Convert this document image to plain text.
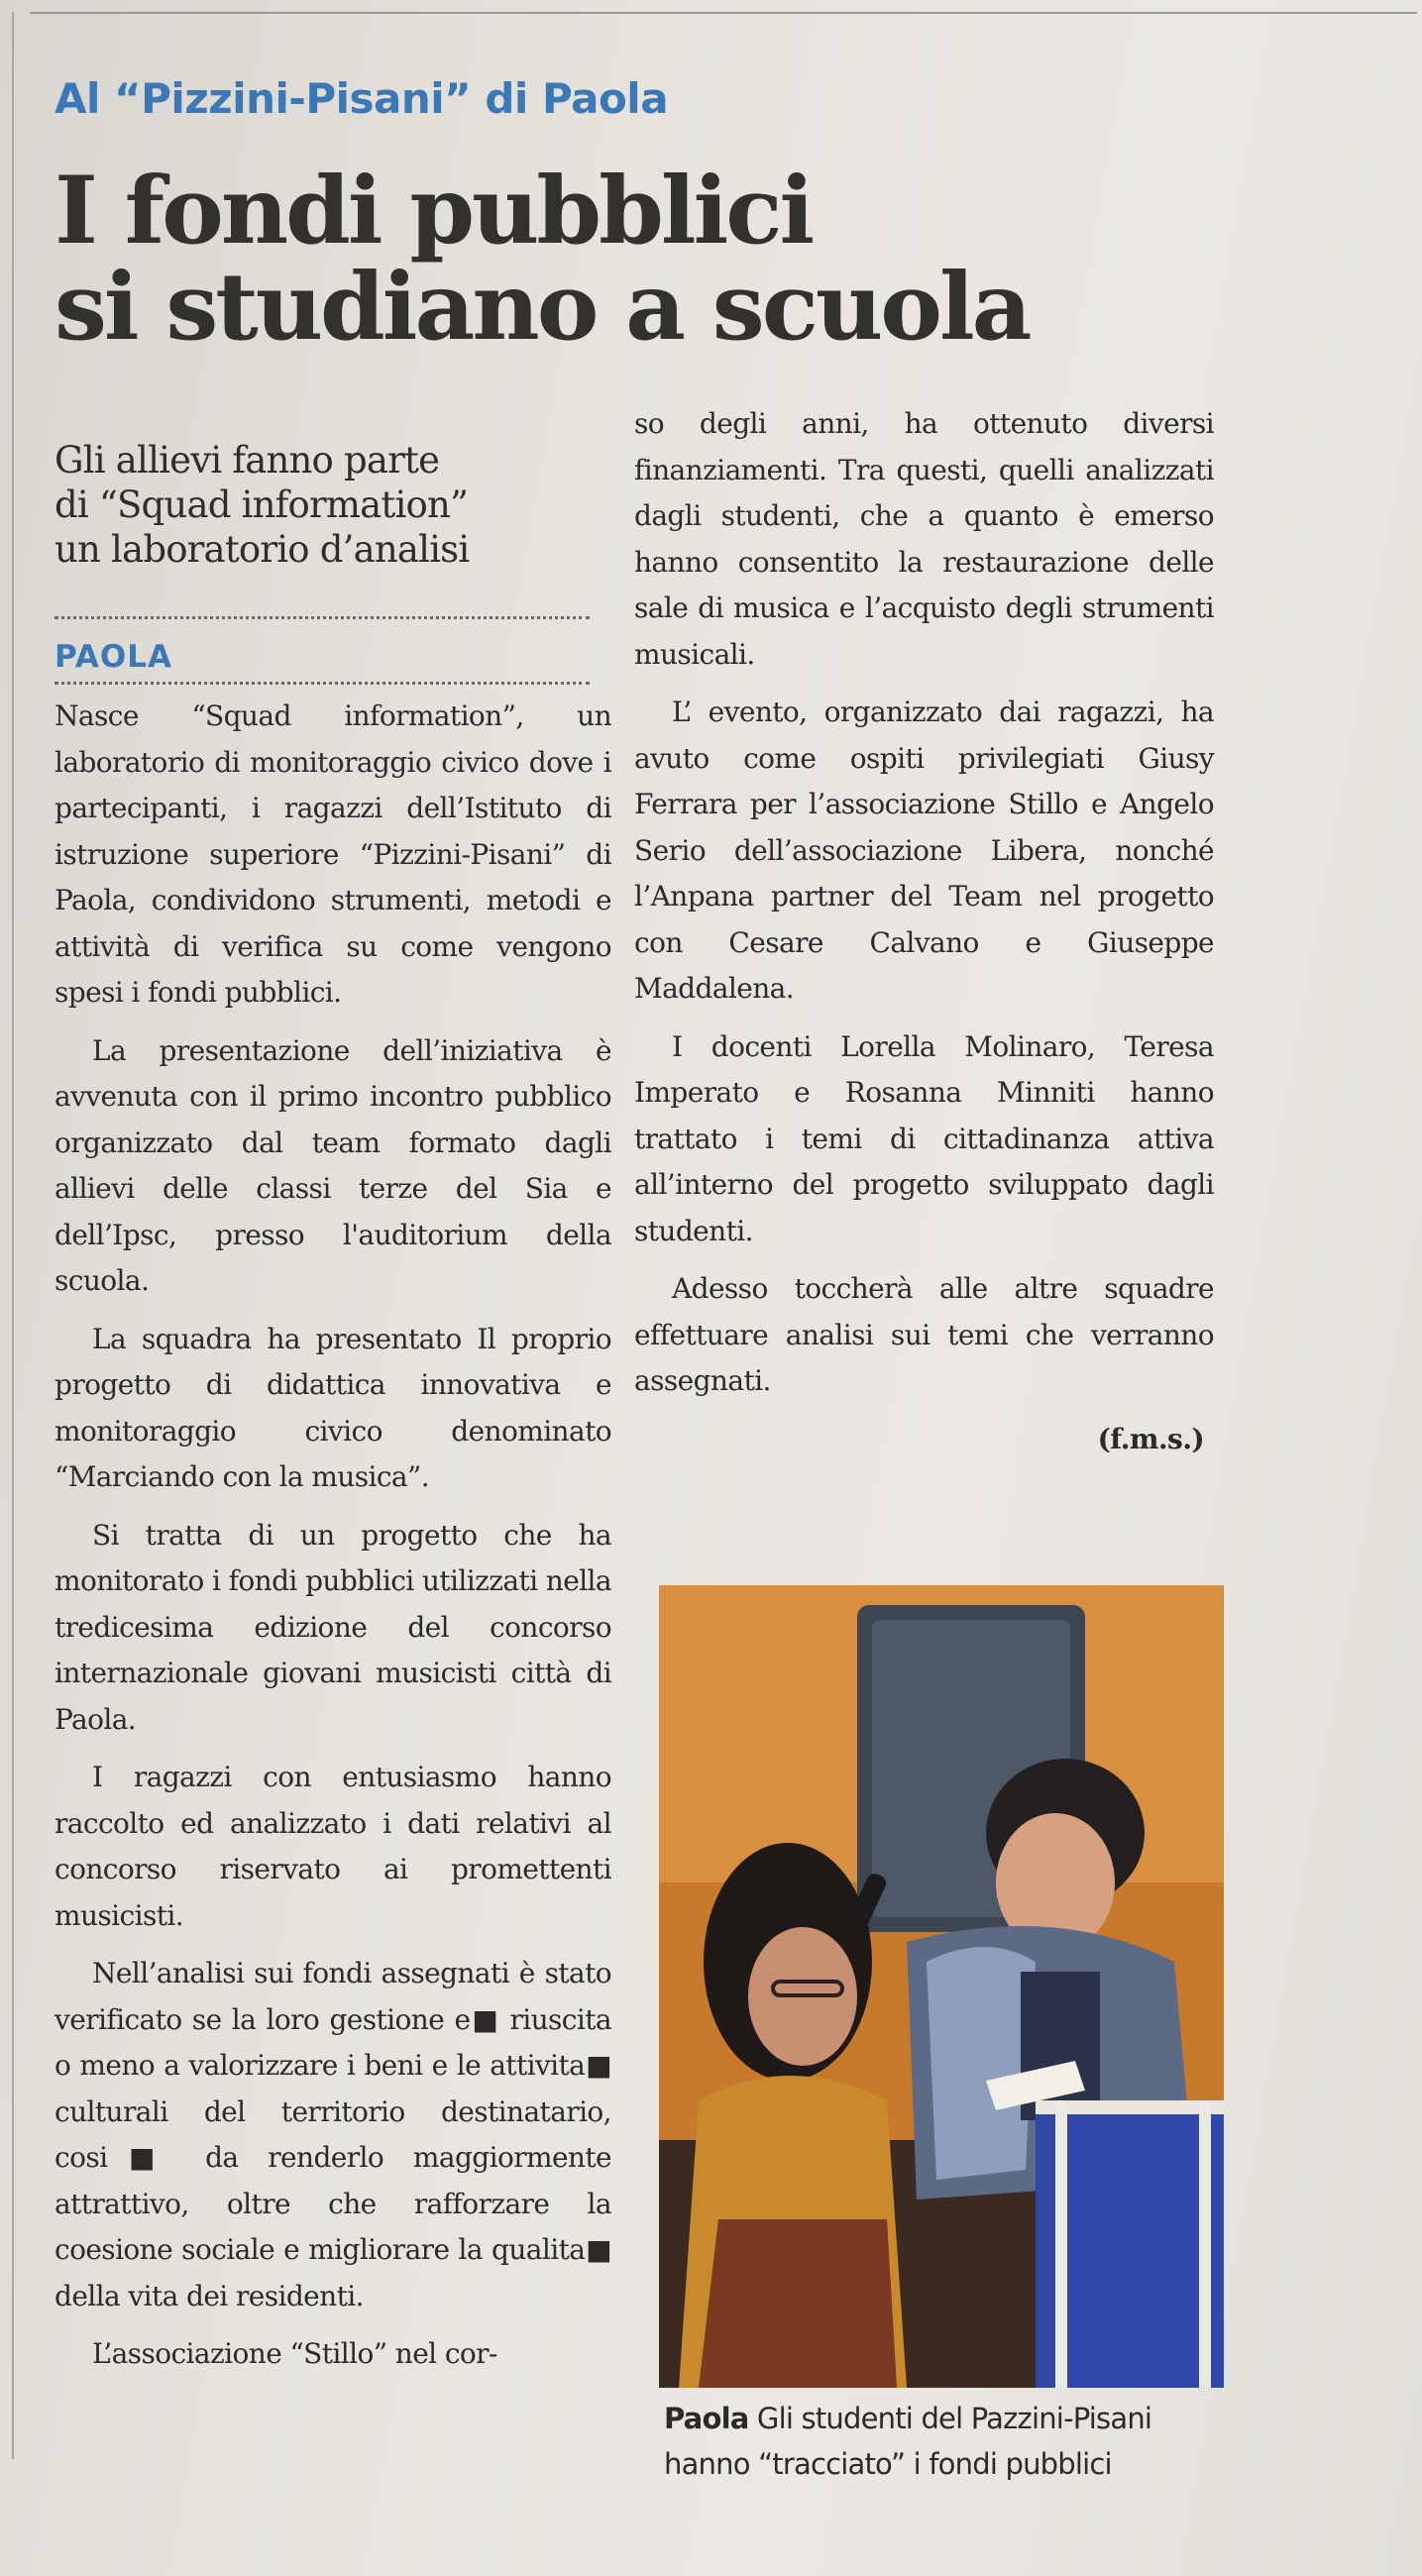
Al “Pizzini-Pisani” di Paola
I fondi pubblici
si studiano a scuola
Gli allievi fanno parte
di “Squad information”
un laboratorio d’analisi
PAOLA

Nasce “Squad information”, un laboratorio di monitoraggio civico dove i partecipanti, i ragazzi dell’Istituto di istruzione superiore “Pizzini-Pisani” di Paola, condividono strumenti, metodi e attività di verifica su come vengono spesi i fondi pubblici.

La presentazione dell’iniziativa è avvenuta con il primo incontro pubblico organizzato dal team formato dagli allievi delle classi terze del Sia e dell’Ipsc, presso l'auditorium della scuola.

La squadra ha presentato Il proprio progetto di didattica innovativa e monitoraggio civico denominato “Marciando con la musica”.

Si tratta di un progetto che ha monitorato i fondi pubblici utilizzati nella tredicesima edizione del concorso internazionale giovani musicisti città di Paola.

I ragazzi con entusiasmo hanno raccolto ed analizzato i dati relativi al concorso riservato ai promettenti musicisti.

Nell’analisi sui fondi assegnati è stato verificato se la loro gestione e■ riuscita o meno a valorizzare i beni e le attivita■ culturali del territorio destinatario, cosi■ da renderlo maggiormente attrattivo, oltre che rafforzare la coesione sociale e migliorare la qualita■ della vita dei residenti.

L’associazione “Stillo” nel cor-

so degli anni, ha ottenuto diversi finanziamenti. Tra questi, quelli analizzati dagli studenti, che a quanto è emerso hanno consentito la restaurazione delle sale di musica e l’acquisto degli strumenti musicali.

L’ evento, organizzato dai ragazzi, ha avuto come ospiti privilegiati Giusy Ferrara per l’associazione Stillo e Angelo Serio dell’associazione Libera, nonché l’Anpana partner del Team nel progetto con Cesare Calvano e Giuseppe Maddalena.

I docenti Lorella Molinaro, Teresa Imperato e Rosanna Minniti hanno trattato i temi di cittadinanza attiva all’interno del progetto sviluppato dagli studenti.

Adesso toccherà alle altre squadre effettuare analisi sui temi che verranno assegnati.

(f.m.s.)
Paola Gli studenti del Pazzini-Pisani
hanno “tracciato” i fondi pubblici
